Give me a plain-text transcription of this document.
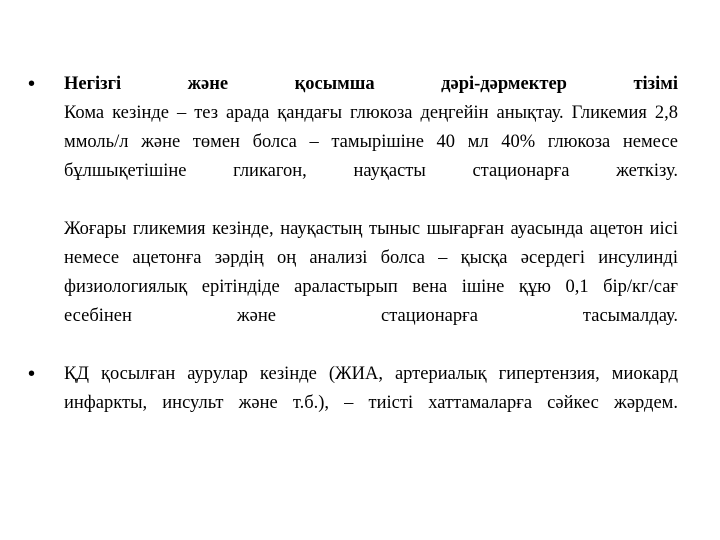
• Негізгі және қосымша дәрі-дәрмектер тізімі

Кома кезінде – тез арада қандағы глюкоза деңгейін анықтау. Гликемия 2,8 ммоль/л және төмен болса – тамырішіне 40 мл 40% глюкоза немесе бұлшықетішіне гликагон, науқасты стационарға жеткізу.

Жоғары гликемия кезінде, науқастың тыныс шығарған ауасында ацетон иісі немесе ацетонға зәрдің оң анализі болса – қысқа әсердегі инсулинді физиологиялық ерітіндіде араластырып вена ішіне құю 0,1 бір/кг/сағ есебінен және стационарға тасымалдау.

• ҚД қосылған аурулар кезінде (ЖИА, артериалық гипертензия, миокард инфаркты, инсульт және т.б.), – тиісті хаттамаларға сәйкес жәрдем.
